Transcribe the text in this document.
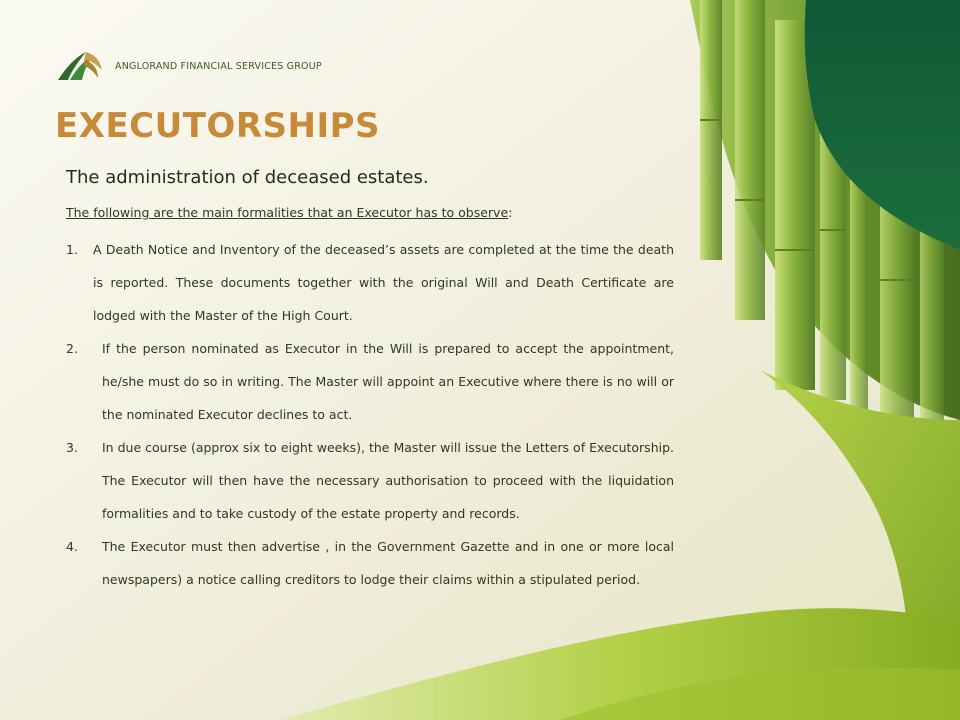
ANGLORAND FINANCIAL SERVICES GROUP
EXECUTORSHIPS
The administration of deceased estates.
The following are the main formalities that an Executor has to observe:
1. A Death Notice and Inventory of the deceased’s assets are completed at the time the death is reported. These documents together with the original Will and Death Certificate are lodged with the Master of the High Court.
2. If the person nominated as Executor in the Will is prepared to accept the appointment, he/she must do so in writing. The Master will appoint an Executive where there is no will or the nominated Executor declines to act.
3. In due course (approx six to eight weeks), the Master will issue the Letters of Executorship. The Executor will then have the necessary authorisation to proceed with the liquidation formalities and to take custody of the estate property and records.
4. The Executor must then advertise , in the Government Gazette and in one or more local newspapers) a notice calling creditors to lodge their claims within a stipulated period.
